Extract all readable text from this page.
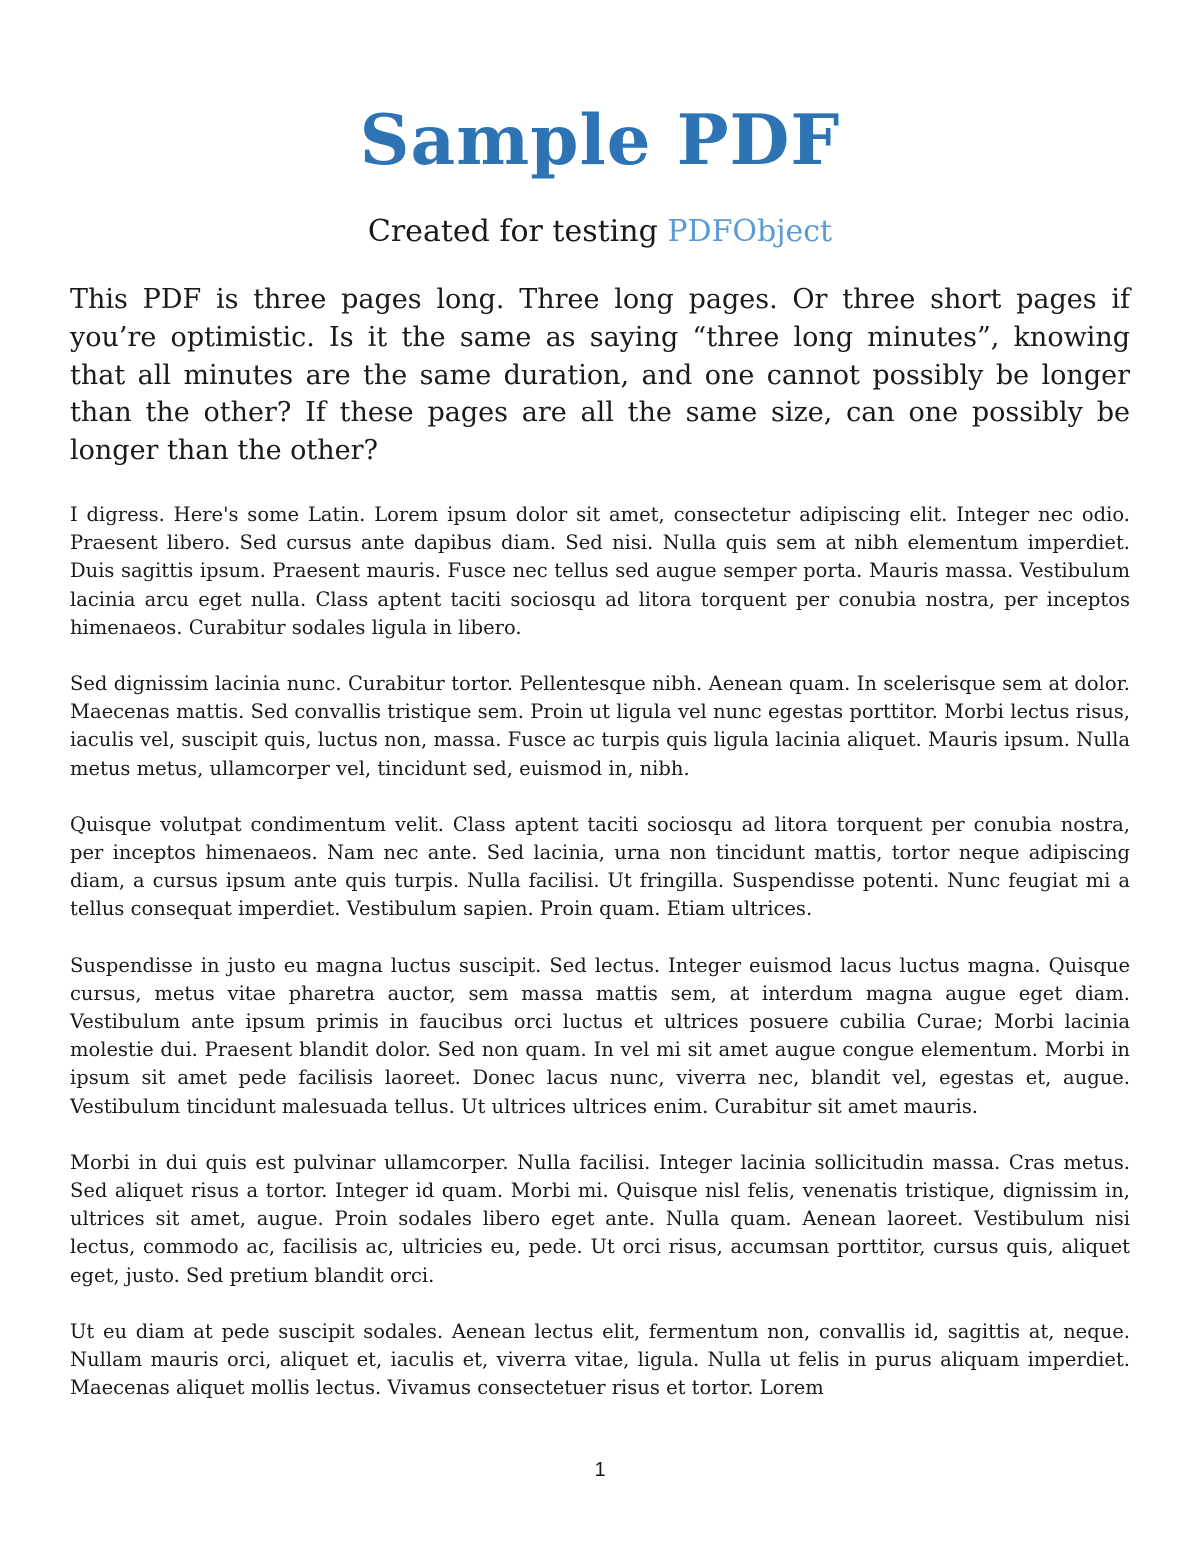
Sample PDF
Created for testing PDFObject

This PDF is three pages long. Three long pages. Or three short pages if you’re optimistic. Is it the same as saying “three long minutes”, knowing that all minutes are the same duration, and one cannot possibly be longer than the other? If these pages are all the same size, can one possibly be longer than the other?

I digress. Here's some Latin. Lorem ipsum dolor sit amet, consectetur adipiscing elit. Integer nec odio. Praesent libero. Sed cursus ante dapibus diam. Sed nisi. Nulla quis sem at nibh elementum imperdiet. Duis sagittis ipsum. Praesent mauris. Fusce nec tellus sed augue semper porta. Mauris massa. Vestibulum lacinia arcu eget nulla. Class aptent taciti sociosqu ad litora torquent per conubia nostra, per inceptos himenaeos. Curabitur sodales ligula in libero.

Sed dignissim lacinia nunc. Curabitur tortor. Pellentesque nibh. Aenean quam. In scelerisque sem at dolor. Maecenas mattis. Sed convallis tristique sem. Proin ut ligula vel nunc egestas porttitor. Morbi lectus risus, iaculis vel, suscipit quis, luctus non, massa. Fusce ac turpis quis ligula lacinia aliquet. Mauris ipsum. Nulla metus metus, ullamcorper vel, tincidunt sed, euismod in, nibh.

Quisque volutpat condimentum velit. Class aptent taciti sociosqu ad litora torquent per conubia nostra, per inceptos himenaeos. Nam nec ante. Sed lacinia, urna non tincidunt mattis, tortor neque adipiscing diam, a cursus ipsum ante quis turpis. Nulla facilisi. Ut fringilla. Suspendisse potenti. Nunc feugiat mi a tellus consequat imperdiet. Vestibulum sapien. Proin quam. Etiam ultrices.

Suspendisse in justo eu magna luctus suscipit. Sed lectus. Integer euismod lacus luctus magna. Quisque cursus, metus vitae pharetra auctor, sem massa mattis sem, at interdum magna augue eget diam. Vestibulum ante ipsum primis in faucibus orci luctus et ultrices posuere cubilia Curae; Morbi lacinia molestie dui. Praesent blandit dolor. Sed non quam. In vel mi sit amet augue congue elementum. Morbi in ipsum sit amet pede facilisis laoreet. Donec lacus nunc, viverra nec, blandit vel, egestas et, augue. Vestibulum tincidunt malesuada tellus. Ut ultrices ultrices enim. Curabitur sit amet mauris.

Morbi in dui quis est pulvinar ullamcorper. Nulla facilisi. Integer lacinia sollicitudin massa. Cras metus. Sed aliquet risus a tortor. Integer id quam. Morbi mi. Quisque nisl felis, venenatis tristique, dignissim in, ultrices sit amet, augue. Proin sodales libero eget ante. Nulla quam. Aenean laoreet. Vestibulum nisi lectus, commodo ac, facilisis ac, ultricies eu, pede. Ut orci risus, accumsan porttitor, cursus quis, aliquet eget, justo. Sed pretium blandit orci.

Ut eu diam at pede suscipit sodales. Aenean lectus elit, fermentum non, convallis id, sagittis at, neque. Nullam mauris orci, aliquet et, iaculis et, viverra vitae, ligula. Nulla ut felis in purus aliquam imperdiet. Maecenas aliquet mollis lectus. Vivamus consectetuer risus et tortor. Lorem

1
